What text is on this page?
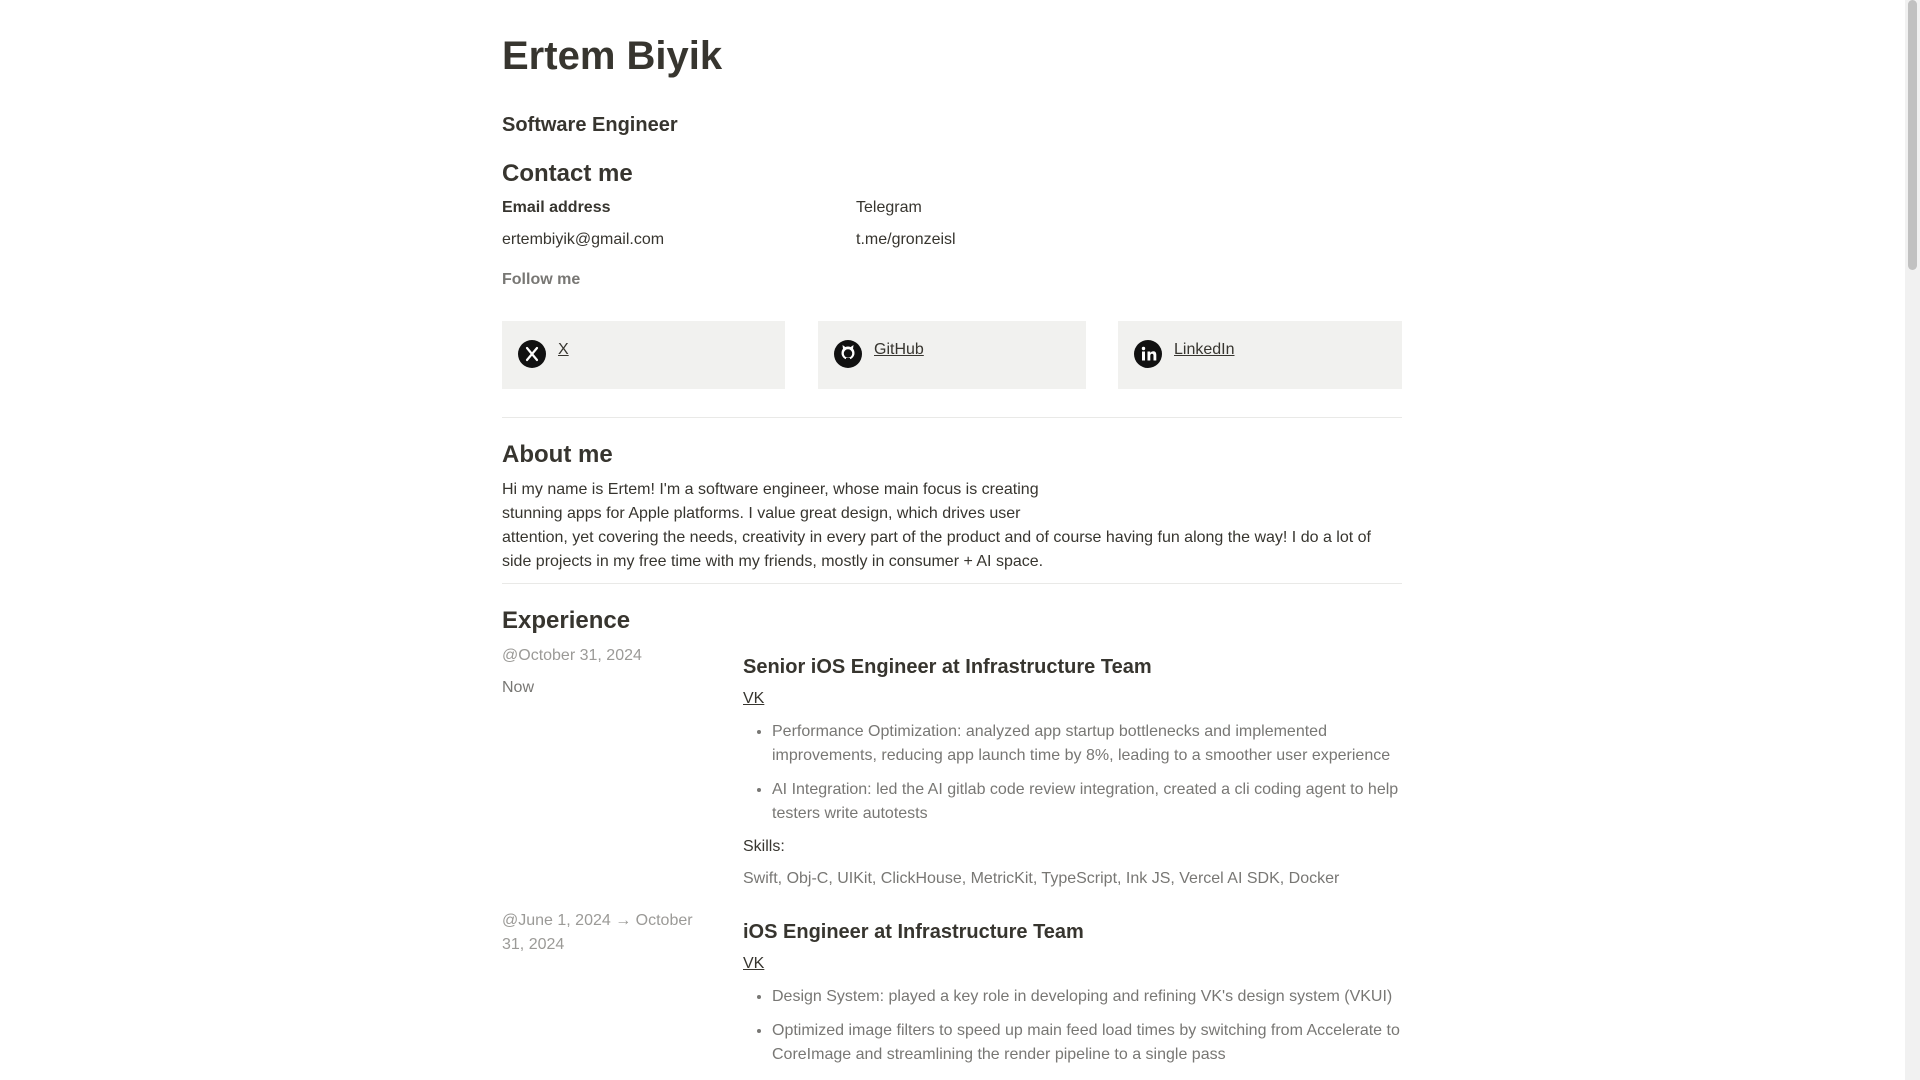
Ertem Biyik
Software Engineer
Contact me
Email address	Telegram
ertembiyik@gmail.com	t.me/gronzeisl
Follow me
X	GitHub	LinkedIn
About me
Hi my name is Ertem! I'm a software engineer, whose main focus is creating
stunning apps for Apple platforms. I value great design, which drives user
attention, yet covering the needs, creativity in every part of the product and of course having fun along the way! I do a lot of
side projects in my free time with my friends, mostly in consumer + AI space.
Experience
@October 31, 2024
Now
Senior iOS Engineer at Infrastructure Team
VK
• Performance Optimization: analyzed app startup bottlenecks and implemented improvements, reducing app launch time by 8%, leading to a smoother user experience
• AI Integration: led the AI gitlab code review integration, created a cli coding agent to help testers write autotests
Skills:
Swift, Obj-C, UIKit, ClickHouse, MetricKit, TypeScript, Ink JS, Vercel AI SDK, Docker
@June 1, 2024 → October
31, 2024
iOS Engineer at Infrastructure Team
VK
• Design System: played a key role in developing and refining VK's design system (VKUI)
• Optimized image filters to speed up main feed load times by switching from Accelerate to CoreImage and streamlining the render pipeline to a single pass
